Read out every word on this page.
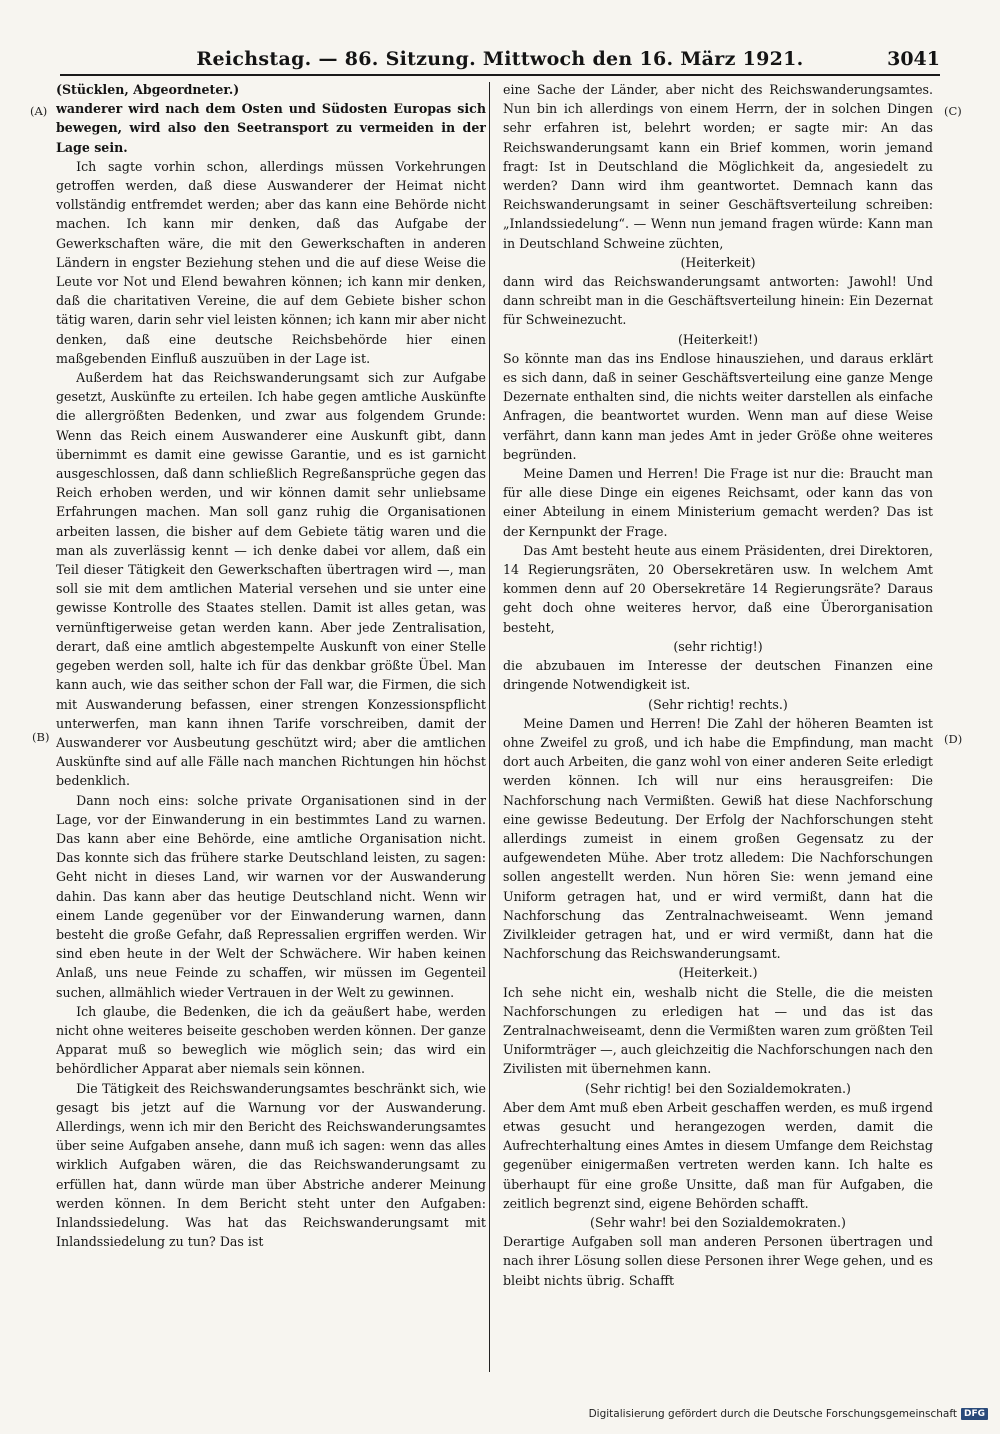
Reichstag. — 86. Sitzung. Mittwoch den 16. März 1921.	3041
(A)
(B)
(C)
(D)
(Stücklen, Abgeordneter.)

wanderer wird nach dem Osten und Südosten Europas sich bewegen, wird also den Seetransport zu vermeiden in der Lage sein.

Ich sagte vorhin schon, allerdings müssen Vorkehrungen getroffen werden, daß diese Auswanderer der Heimat nicht vollständig entfremdet werden; aber das kann eine Behörde nicht machen. Ich kann mir denken, daß das Aufgabe der Gewerkschaften wäre, die mit den Gewerkschaften in anderen Ländern in engster Beziehung stehen und die auf diese Weise die Leute vor Not und Elend bewahren können; ich kann mir denken, daß die charitativen Vereine, die auf dem Gebiete bisher schon tätig waren, darin sehr viel leisten können; ich kann mir aber nicht denken, daß eine deutsche Reichsbehörde hier einen maßgebenden Einfluß auszuüben in der Lage ist.

Außerdem hat das Reichswanderungsamt sich zur Aufgabe gesetzt, Auskünfte zu erteilen. Ich habe gegen amtliche Auskünfte die allergrößten Bedenken, und zwar aus folgendem Grunde: Wenn das Reich einem Auswanderer eine Auskunft gibt, dann übernimmt es damit eine gewisse Garantie, und es ist garnicht ausgeschlossen, daß dann schließlich Regreßansprüche gegen das Reich erhoben werden, und wir können damit sehr unliebsame Erfahrungen machen. Man soll ganz ruhig die Organisationen arbeiten lassen, die bisher auf dem Gebiete tätig waren und die man als zuverlässig kennt — ich denke dabei vor allem, daß ein Teil dieser Tätigkeit den Gewerkschaften übertragen wird —, man soll sie mit dem amtlichen Material versehen und sie unter eine gewisse Kontrolle des Staates stellen. Damit ist alles getan, was vernünftigerweise getan werden kann. Aber jede Zentralisation, derart, daß eine amtlich abgestempelte Auskunft von einer Stelle gegeben werden soll, halte ich für das denkbar größte Übel. Man kann auch, wie das seither schon der Fall war, die Firmen, die sich mit Auswanderung befassen, einer strengen Konzessionspflicht unterwerfen, man kann ihnen Tarife vorschreiben, damit der Auswanderer vor Ausbeutung geschützt wird; aber die amtlichen Auskünfte sind auf alle Fälle nach manchen Richtungen hin höchst bedenklich.

Dann noch eins: solche private Organisationen sind in der Lage, vor der Einwanderung in ein bestimmtes Land zu warnen. Das kann aber eine Behörde, eine amtliche Organisation nicht. Das konnte sich das frühere starke Deutschland leisten, zu sagen: Geht nicht in dieses Land, wir warnen vor der Auswanderung dahin. Das kann aber das heutige Deutschland nicht. Wenn wir einem Lande gegenüber vor der Einwanderung warnen, dann besteht die große Gefahr, daß Repressalien ergriffen werden. Wir sind eben heute in der Welt der Schwächere. Wir haben keinen Anlaß, uns neue Feinde zu schaffen, wir müssen im Gegenteil suchen, allmählich wieder Vertrauen in der Welt zu gewinnen.

Ich glaube, die Bedenken, die ich da geäußert habe, werden nicht ohne weiteres beiseite geschoben werden können. Der ganze Apparat muß so beweglich wie möglich sein; das wird ein behördlicher Apparat aber niemals sein können.

Die Tätigkeit des Reichswanderungsamtes beschränkt sich, wie gesagt bis jetzt auf die Warnung vor der Auswanderung. Allerdings, wenn ich mir den Bericht des Reichswanderungsamtes über seine Aufgaben ansehe, dann muß ich sagen: wenn das alles wirklich Aufgaben wären, die das Reichswanderungsamt zu erfüllen hat, dann würde man über Abstriche anderer Meinung werden können. In dem Bericht steht unter den Aufgaben: Inlandssiedelung. Was hat das Reichswanderungsamt mit Inlandssiedelung zu tun? Das ist

eine Sache der Länder, aber nicht des Reichswanderungsamtes. Nun bin ich allerdings von einem Herrn, der in solchen Dingen sehr erfahren ist, belehrt worden; er sagte mir: An das Reichswanderungsamt kann ein Brief kommen, worin jemand fragt: Ist in Deutschland die Möglichkeit da, angesiedelt zu werden? Dann wird ihm geantwortet. Demnach kann das Reichswanderungsamt in seiner Geschäftsverteilung schreiben: „Inlandssiedelung“. — Wenn nun jemand fragen würde: Kann man in Deutschland Schweine züchten,

(Heiterkeit)

dann wird das Reichswanderungsamt antworten: Jawohl! Und dann schreibt man in die Geschäftsverteilung hinein: Ein Dezernat für Schweinezucht.

(Heiterkeit!)

So könnte man das ins Endlose hinausziehen, und daraus erklärt es sich dann, daß in seiner Geschäftsverteilung eine ganze Menge Dezernate enthalten sind, die nichts weiter darstellen als einfache Anfragen, die beantwortet wurden. Wenn man auf diese Weise verfährt, dann kann man jedes Amt in jeder Größe ohne weiteres begründen.

Meine Damen und Herren! Die Frage ist nur die: Braucht man für alle diese Dinge ein eigenes Reichsamt, oder kann das von einer Abteilung in einem Ministerium gemacht werden? Das ist der Kernpunkt der Frage.

Das Amt besteht heute aus einem Präsidenten, drei Direktoren, 14 Regierungsräten, 20 Obersekretären usw. In welchem Amt kommen denn auf 20 Obersekretäre 14 Regierungsräte? Daraus geht doch ohne weiteres hervor, daß eine Überorganisation besteht,

(sehr richtig!)

die abzubauen im Interesse der deutschen Finanzen eine dringende Notwendigkeit ist.

(Sehr richtig! rechts.)

Meine Damen und Herren! Die Zahl der höheren Beamten ist ohne Zweifel zu groß, und ich habe die Empfindung, man macht dort auch Arbeiten, die ganz wohl von einer anderen Seite erledigt werden können. Ich will nur eins herausgreifen: Die Nachforschung nach Vermißten. Gewiß hat diese Nachforschung eine gewisse Bedeutung. Der Erfolg der Nachforschungen steht allerdings zumeist in einem großen Gegensatz zu der aufgewendeten Mühe. Aber trotz alledem: Die Nachforschungen sollen angestellt werden. Nun hören Sie: wenn jemand eine Uniform getragen hat, und er wird vermißt, dann hat die Nachforschung das Zentralnachweiseamt. Wenn jemand Zivilkleider getragen hat, und er wird vermißt, dann hat die Nachforschung das Reichswanderungsamt.

(Heiterkeit.)

Ich sehe nicht ein, weshalb nicht die Stelle, die die meisten Nachforschungen zu erledigen hat — und das ist das Zentralnachweiseamt, denn die Vermißten waren zum größten Teil Uniformträger —, auch gleichzeitig die Nachforschungen nach den Zivilisten mit übernehmen kann.

(Sehr richtig! bei den Sozialdemokraten.)

Aber dem Amt muß eben Arbeit geschaffen werden, es muß irgend etwas gesucht und herangezogen werden, damit die Aufrechterhaltung eines Amtes in diesem Umfange dem Reichstag gegenüber einigermaßen vertreten werden kann. Ich halte es überhaupt für eine große Unsitte, daß man für Aufgaben, die zeitlich begrenzt sind, eigene Behörden schafft.

(Sehr wahr! bei den Sozialdemokraten.)

Derartige Aufgaben soll man anderen Personen übertragen und nach ihrer Lösung sollen diese Personen ihrer Wege gehen, und es bleibt nichts übrig. Schafft

Digitalisierung gefördert durch die Deutsche Forschungsgemeinschaft DFG
